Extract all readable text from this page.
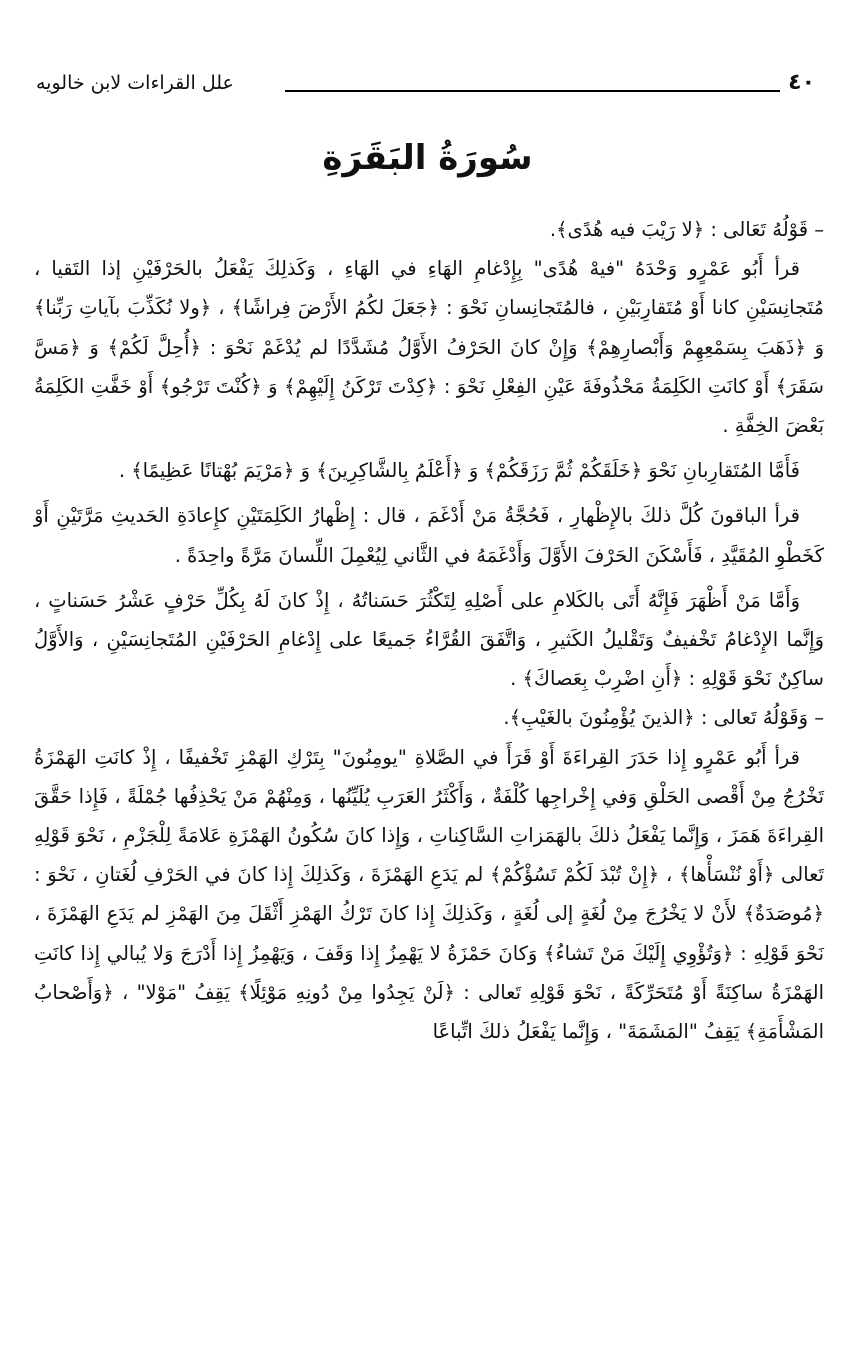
علل القراءات لابن خالويه	٤٠
سُورَةُ البَقَرَةِ

– قَوْلُهُ تَعَالى : ﴿لا رَيْبَ فيه هُدًى﴾.

قرأ أَبُو عَمْرٍو وَحْدَهُ "فيهْ هُدًى" بِإِدْغامِ الهَاءِ في الهَاءِ ، وَكَذلِكَ يَفْعَلُ بالحَرْفَيْنِ إذا التَقيا ، مُتَجانِسَيْنِ كانا أَوْ مُتَقارِبَيْنِ ، فالمُتَجانِسانِ نَحْوَ : ﴿جَعَلَ لكُمُ الأَرْضَ فِراشًا﴾ ، ﴿ولا نُكَذِّبَ بآياتِ رَبِّنا﴾ وَ ﴿ذَهَبَ بِسَمْعِهِمْ وَأَبْصارِهِمْ﴾ وَإِنْ كانَ الحَرْفُ الأَوَّلُ مُشَدَّدًا لم يُدْغَمْ نَحْوَ : ﴿أُحِلَّ لَكُمْ﴾ وَ ﴿مَسَّ سَقَرَ﴾ أَوْ كانَتِ الكَلِمَةُ مَحْذُوفَةَ عَيْنِ الفِعْلِ نَحْوَ : ﴿كِدْتَ تَرْكَنُ إِلَيْهِمْ﴾ وَ ﴿كُنْتَ تَرْجُو﴾ أَوْ خَفَّتِ الكَلِمَةُ بَعْضَ الخِفَّةِ .

فَأَمَّا المُتَقارِبانِ نَحْوَ ﴿خَلَقَكُمْ ثُمَّ رَزَقَكُمْ﴾ وَ ﴿أَعْلَمُ بِالشَّاكِرِينَ﴾ وَ ﴿مَرْيَمَ بُهْتانًا عَظِيمًا﴾ .

قرأ الباقونَ كُلَّ ذلكَ بالإِظْهارِ ، فَحُجَّةُ مَنْ أَدْغَمَ ، قال : إِظْهارُ الكَلِمَتَيْنِ كإِعادَةِ الحَديثِ مَرَّتَيْنِ أَوْ كَخَطْوِ المُقَيَّدِ ، فَأَسْكَنَ الحَرْفَ الأَوَّلَ وَأَدْغَمَهُ في الثَّاني لِيُعْمِلَ اللِّسانَ مَرَّةً واحِدَةً .

وَأَمَّا مَنْ أَظْهَرَ فَإِنَّهُ أَتَى بالكَلامِ على أَصْلِهِ لِتَكْثُرَ حَسَناتُهُ ، إِذْ كانَ لَهُ بِكُلِّ حَرْفٍ عَشْرُ حَسَناتٍ ، وَإِنَّما الإِدْغامُ تَخْفيفٌ وَتَقْليلُ الكَثيرِ ، وَاتَّفَقَ القُرَّاءُ جَميعًا على إِدْغامِ الحَرْفَيْنِ المُتَجانِسَيْنِ ، وَالأَوَّلُ ساكِنٌ نَحْوَ قَوْلِهِ : ﴿أَنِ اضْرِبْ بِعَصاكَ﴾ .

– وَقَوْلُهُ تَعالى : ﴿الذينَ يُؤْمِنُونَ بالغَيْبِ﴾.

قرأ أَبُو عَمْرٍو إِذا حَدَرَ القِراءَةَ أَوْ قَرَأَ في الصَّلاةِ "يومِنُونَ" بِتَرْكِ الهَمْزِ تَخْفيفًا ، إِذْ كانَتِ الهَمْزَةُ تَخْرُجُ مِنْ أَقْصى الحَلْقِ وَفي إِخْراجِها كُلْفَةٌ ، وَأَكْثَرُ العَرَبِ يُلَيِّنُها ، وَمِنْهُمْ مَنْ يَحْذِفُها جُمْلَةً ، فَإِذا حَقَّقَ القِراءَةَ هَمَزَ ، وَإِنَّما يَفْعَلُ ذلكَ بالهَمَزاتِ السَّاكِناتِ ، وَإِذا كانَ سُكُونُ الهَمْزَةِ عَلامَةً لِلْجَزْمِ ، نَحْوَ قَوْلِهِ تَعالى ﴿أَوْ نُنْسَأْها﴾ ، ﴿إِنْ تُبْدَ لَكُمْ تَسُؤْكُمْ﴾ لم يَدَعِ الهَمْزَةَ ، وَكَذلِكَ إِذا كانَ في الحَرْفِ لُغَتانِ ، نَحْوَ : ﴿مُوصَدَةٌ﴾ لأَنْ لا يَخْرُجَ مِنْ لُغَةٍ إلى لُغَةٍ ، وَكَذلِكَ إِذا كانَ تَرْكُ الهَمْزِ أَثْقَلَ مِنَ الهَمْزِ لم يَدَعِ الهَمْزَةَ ، نَحْوَ قَوْلِهِ : ﴿وَتُؤْوِي إِلَيْكَ مَنْ تَشاءُ﴾ وَكانَ حَمْزَةُ لا يَهْمِزُ إِذا وَقَفَ ، وَيَهْمِزُ إِذا أَدْرَجَ وَلا يُبالي إِذا كانَتِ الهَمْزَةُ ساكِنَةً أَوْ مُتَحَرِّكَةً ، نَحْوَ قَوْلِهِ تَعالى : ﴿لَنْ يَجِدُوا مِنْ دُونِهِ مَوْئِلًا﴾ يَقِفُ "مَوْلا" ، ﴿وَأَصْحابُ المَشْأَمَةِ﴾ يَقِفُ "المَشَمَةَ" ، وَإِنَّما يَفْعَلُ ذلكَ اتِّباعًا
